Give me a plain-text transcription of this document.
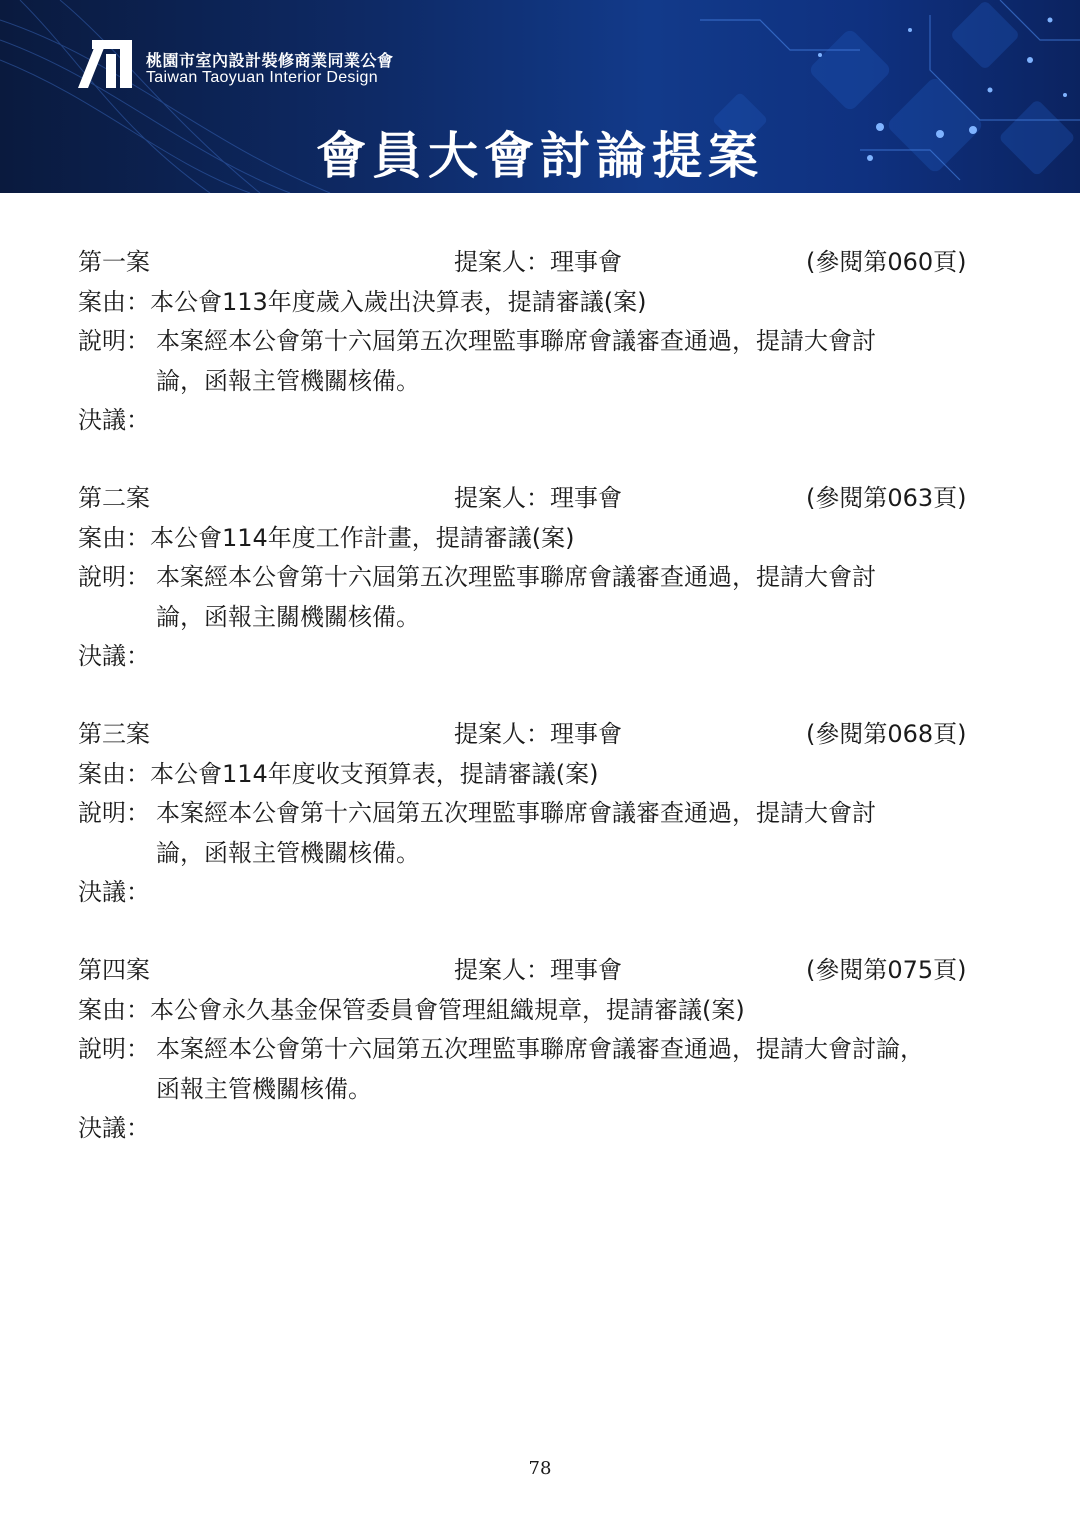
桃園市室內設計裝修商業同業公會
Taiwan Taoyuan Interior Design
會員大會討論提案
第一案	提案人：理事會	(參閱第060頁)
案由：本公會113年度歲入歲出決算表，提請審議(案)
說明： 本案經本公會第十六屆第五次理監事聯席會議審查通過，提請大會討
論，函報主管機關核備。
決議：
第二案	提案人：理事會	(參閱第063頁)
案由：本公會114年度工作計畫，提請審議(案)
說明： 本案經本公會第十六屆第五次理監事聯席會議審查通過，提請大會討
論，函報主關機關核備。
決議：
第三案	提案人：理事會	(參閱第068頁)
案由：本公會114年度收支預算表，提請審議(案)
說明： 本案經本公會第十六屆第五次理監事聯席會議審查通過，提請大會討
論，函報主管機關核備。
決議：
第四案	提案人：理事會	(參閱第075頁)
案由：本公會永久基金保管委員會管理組織規章，提請審議(案)
說明： 本案經本公會第十六屆第五次理監事聯席會議審查通過，提請大會討論，
函報主管機關核備。
決議：
78
